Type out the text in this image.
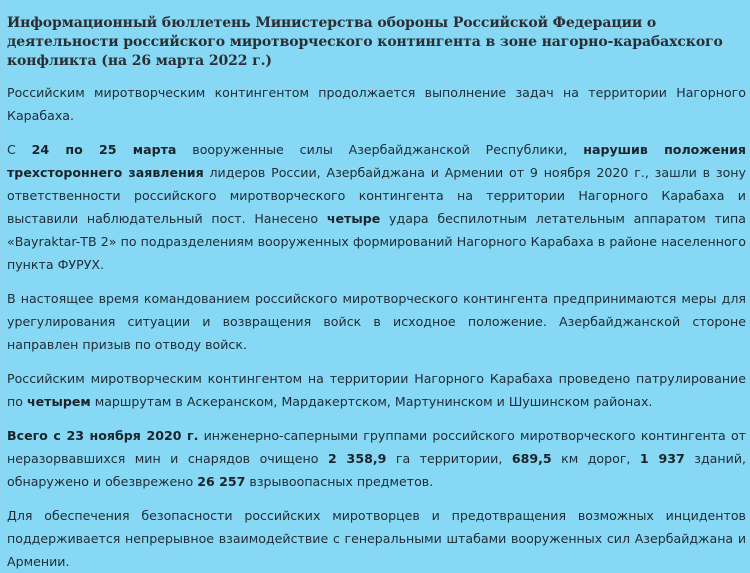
Информационный бюллетень Министерства обороны Российской Федерации о деятельности российского миротворческого контингента в зоне нагорно-карабахского конфликта (на 26 марта 2022 г.)

Российским миротворческим контингентом продолжается выполнение задач на территории Нагорного Карабаха.

С 24 по 25 марта вооруженные силы Азербайджанской Республики, нарушив положения трехстороннего заявления лидеров России, Азербайджана и Армении от 9 ноября 2020 г., зашли в зону ответственности российского миротворческого контингента на территории Нагорного Карабаха и выставили наблюдательный пост. Нанесено четыре удара беспилотным летательным аппаратом типа «Bayraktar-ТВ 2» по подразделениям вооруженных формирований Нагорного Карабаха в районе населенного пункта ФУРУХ.

В настоящее время командованием российского миротворческого контингента предпринимаются меры для урегулирования ситуации и возвращения войск в исходное положение. Азербайджанской стороне направлен призыв по отводу войск.

Российским миротворческим контингентом на территории Нагорного Карабаха проведено патрулирование по четырем маршрутам в Аскеранском, Мардакертском, Мартунинском и Шушинском районах.

Всего с 23 ноября 2020 г. инженерно-саперными группами российского миротворческого контингента от неразорвавшихся мин и снарядов очищено 2 358,9 га территории, 689,5 км дорог, 1 937 зданий, обнаружено и обезврежено 26 257 взрывоопасных предметов.

Для обеспечения безопасности российских миротворцев и предотвращения возможных инцидентов поддерживается непрерывное взаимодействие с генеральными штабами вооруженных сил Азербайджана и Армении.
